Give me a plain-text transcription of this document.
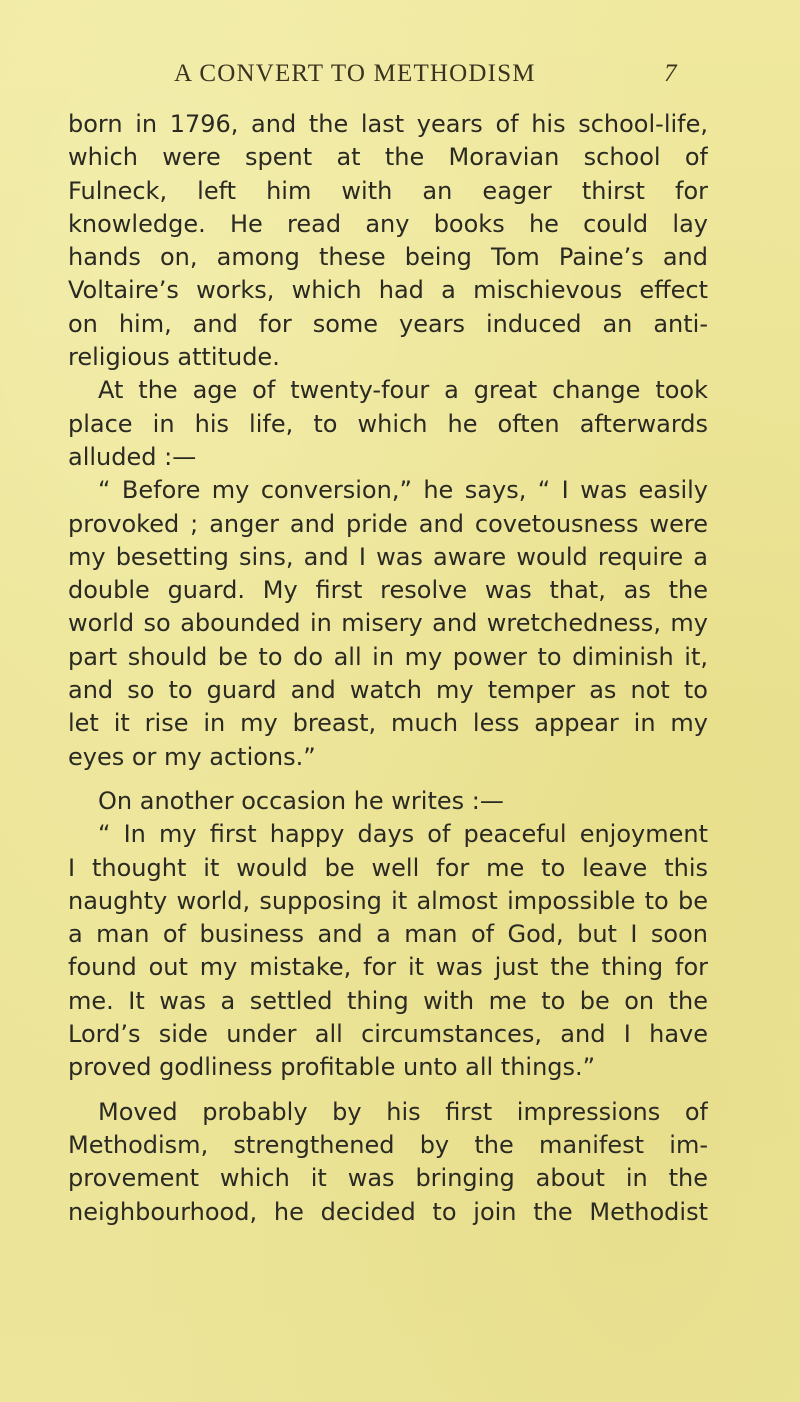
A CONVERT TO METHODISM	7
born in 1796, and the last years of his school-life,
which were spent at the Moravian school of
Fulneck, left him with an eager thirst for
knowledge. He read any books he could lay
hands on, among these being Tom Paine’s and
Voltaire’s works, which had a mischievous effect
on him, and for some years induced an anti-
religious attitude.
At the age of twenty-four a great change took
place in his life, to which he often afterwards
alluded :—
“ Before my conversion,” he says, “ I was easily
provoked ; anger and pride and covetousness were
my besetting sins, and I was aware would require a
double guard. My first resolve was that, as the
world so abounded in misery and wretchedness, my
part should be to do all in my power to diminish it,
and so to guard and watch my temper as not to
let it rise in my breast, much less appear in my
eyes or my actions.”
On another occasion he writes :—
“ In my first happy days of peaceful enjoyment
I thought it would be well for me to leave this
naughty world, supposing it almost impossible to be
a man of business and a man of God, but I soon
found out my mistake, for it was just the thing for
me. It was a settled thing with me to be on the
Lord’s side under all circumstances, and I have
proved godliness profitable unto all things.”
Moved probably by his first impressions of
Methodism, strengthened by the manifest im-
provement which it was bringing about in the
neighbourhood, he decided to join the Methodist
